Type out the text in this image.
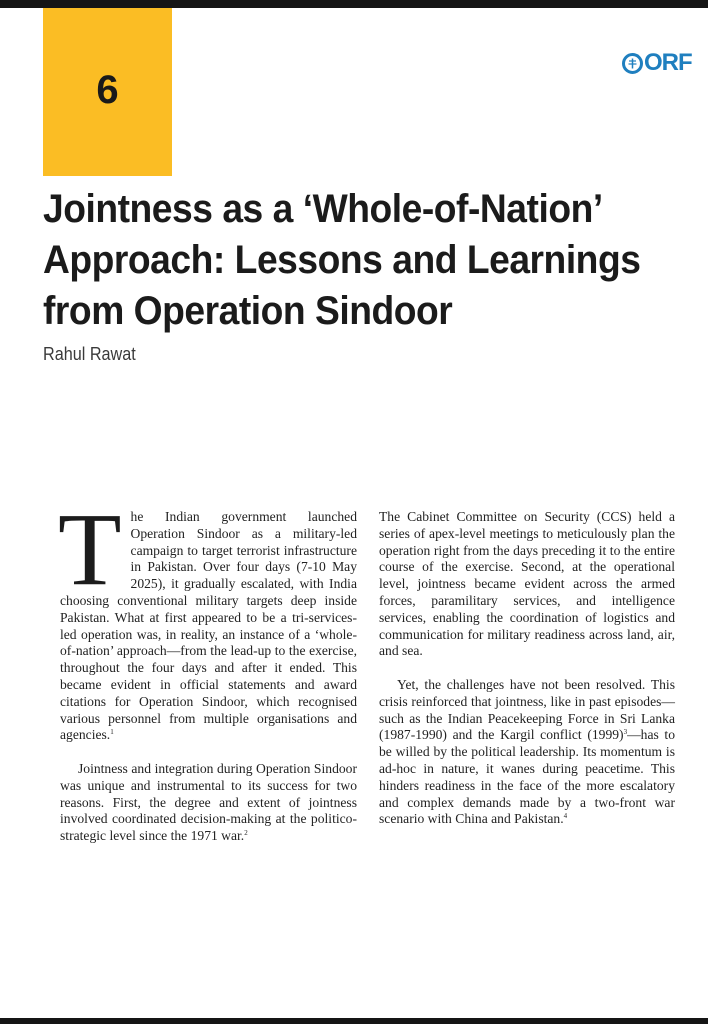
6
ORF
Jointness as a ‘Whole-of-Nation’ Approach: Lessons and Learnings from Operation Sindoor
Rahul Rawat

The Indian government launched Operation Sindoor as a military-led campaign to target terrorist infrastructure in Pakistan. Over four days (7-10 May 2025), it gradually escalated, with India choosing conventional military targets deep inside Pakistan. What at first appeared to be a tri-services-led operation was, in reality, an instance of a ‘whole-of-nation’ approach—from the lead-up to the exercise, throughout the four days and after it ended. This became evident in official statements and award citations for Operation Sindoor, which recognised various personnel from multiple organisations and agencies.$^1$

Jointness and integration during Operation Sindoor was unique and instrumental to its success for two reasons. First, the degree and extent of jointness involved coordinated decision-making at the politico-strategic level since the 1971 war.$^2$

The Cabinet Committee on Security (CCS) held a series of apex-level meetings to meticulously plan the operation right from the days preceding it to the entire course of the exercise. Second, at the operational level, jointness became evident across the armed forces, paramilitary services, and intelligence services, enabling the coordination of logistics and communication for military readiness across land, air, and sea.

Yet, the challenges have not been resolved. This crisis reinforced that jointness, like in past episodes—such as the Indian Peacekeeping Force in Sri Lanka (1987-1990) and the Kargil conflict $(1999)^3—has$ to be willed by the political leadership. Its momentum is ad-hoc in nature, it wanes during peacetime. This hinders readiness in the face of the more escalatory and complex demands made by a two-front war scenario with China and Pakistan.$^4$
